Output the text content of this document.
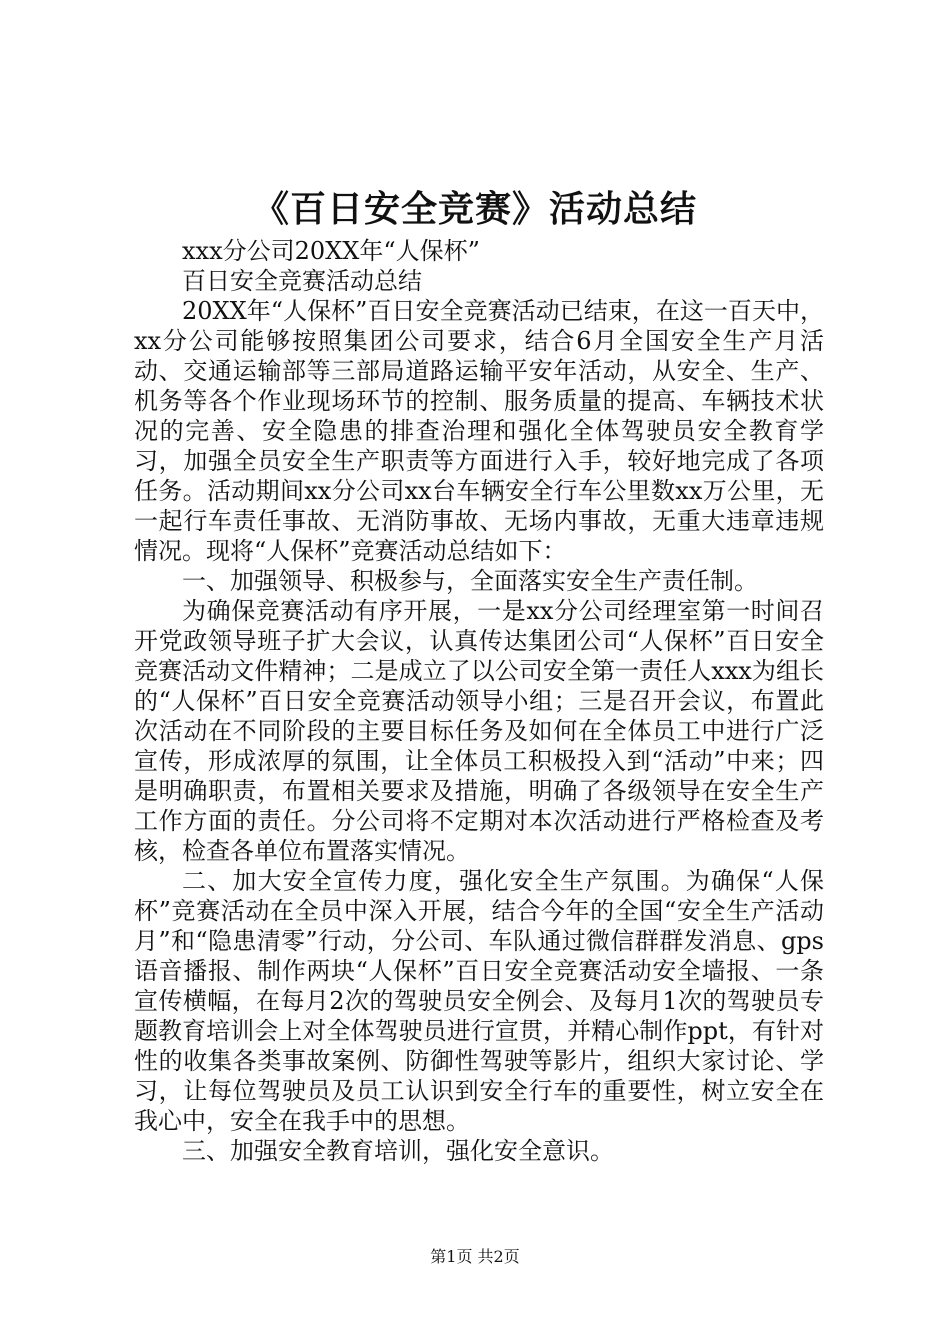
《百日安全竞赛》活动总结

xxx分公司20XX年“人保杯”

百日安全竞赛活动总结

20XX年“人保杯”百日安全竞赛活动已结束，在这一百天中，xx分公司能够按照集团公司要求，结合6月全国安全生产月活动、交通运输部等三部局道路运输平安年活动，从安全、生产、机务等各个作业现场环节的控制、服务质量的提高、车辆技术状况的完善、安全隐患的排查治理和强化全体驾驶员安全教育学习，加强全员安全生产职责等方面进行入手，较好地完成了各项任务。活动期间xx分公司xx台车辆安全行车公里数xx万公里，无一起行车责任事故、无消防事故、无场内事故，无重大违章违规情况。现将“人保杯”竞赛活动总结如下：

一、加强领导、积极参与，全面落实安全生产责任制。

为确保竞赛活动有序开展，一是xx分公司经理室第一时间召开党政领导班子扩大会议，认真传达集团公司“人保杯”百日安全竞赛活动文件精神；二是成立了以公司安全第一责任人xxx为组长的“人保杯”百日安全竞赛活动领导小组；三是召开会议，布置此次活动在不同阶段的主要目标任务及如何在全体员工中进行广泛宣传，形成浓厚的氛围，让全体员工积极投入到“活动”中来；四是明确职责，布置相关要求及措施，明确了各级领导在安全生产工作方面的责任。分公司将不定期对本次活动进行严格检查及考核，检查各单位布置落实情况。

二、加大安全宣传力度，强化安全生产氛围。为确保“人保杯”竞赛活动在全员中深入开展，结合今年的全国“安全生产活动月”和“隐患清零”行动，分公司、车队通过微信群群发消息、gps语音播报、制作两块“人保杯”百日安全竞赛活动安全墙报、一条宣传横幅，在每月2次的驾驶员安全例会、及每月1次的驾驶员专题教育培训会上对全体驾驶员进行宣贯，并精心制作ppt，有针对性的收集各类事故案例、防御性驾驶等影片，组织大家讨论、学习，让每位驾驶员及员工认识到安全行车的重要性，树立安全在我心中，安全在我手中的思想。

三、加强安全教育培训，强化安全意识。

第1页 共2页
